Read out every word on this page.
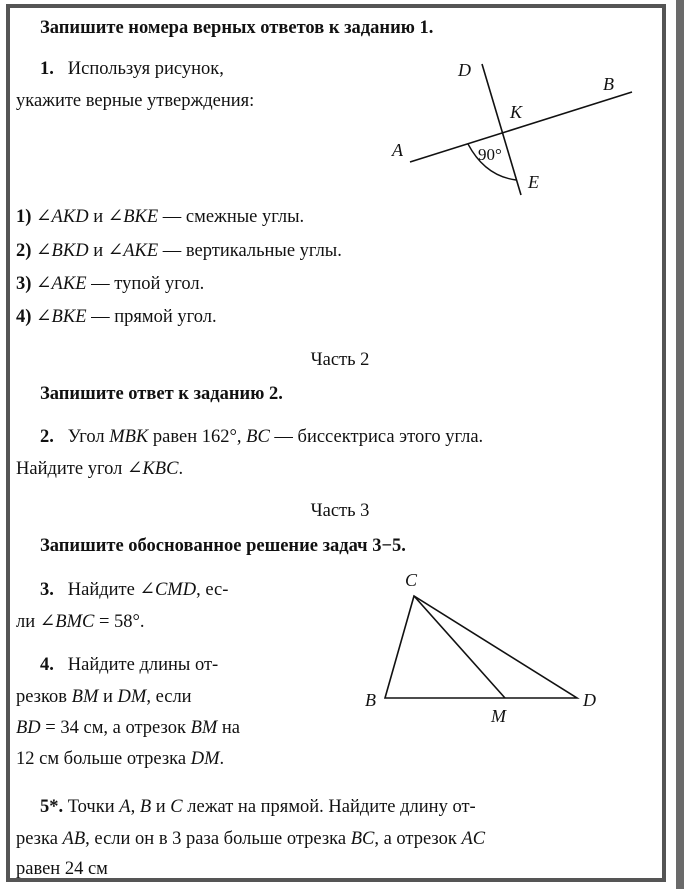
Запишите номера верных ответов к заданию 1.
1. Используя рисунок,
укажите верные утверждения:
D
B
K
A	90°
E
1) ∠AKD и ∠BKE — смежные углы.
2) ∠BKD и ∠AKE — вертикальные углы.
3) ∠AKE — тупой угол.
4) ∠BKE — прямой угол.
Часть 2
Запишите ответ к заданию 2.
2. Угол MBK равен 162°, BC — биссектриса этого угла.
Найдите угол ∠KBC.
Часть 3
Запишите обоснованное решение задач 3−5.
3. Найдите ∠CMD, ес-
ли ∠BMC = 58°.
4. Найдите длины от-
резков BM и DM, если
BD = 34 см, а отрезок BM на
12 см больше отрезка DM.
C
B
M
D
5*. Точки A, B и C лежат на прямой. Найдите длину от-
резка AB, если он в 3 раза больше отрезка BC, а отрезок AC
равен 24 см
